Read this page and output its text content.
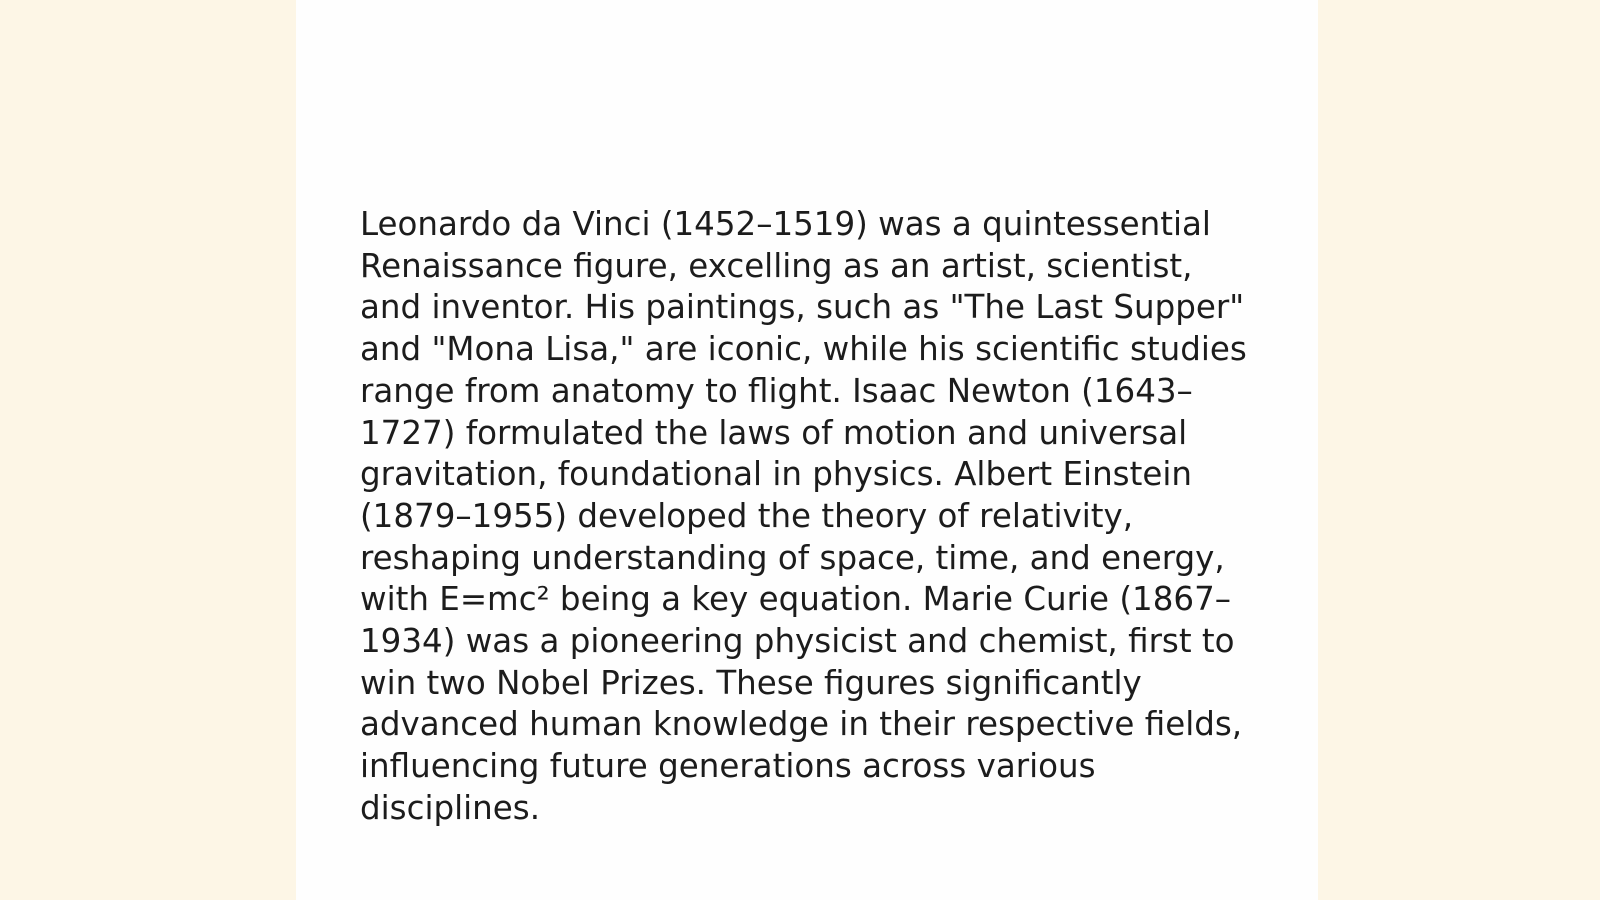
Leonardo da Vinci (1452–1519) was a quintessential
Renaissance figure, excelling as an artist, scientist,
and inventor. His paintings, such as "The Last Supper"
and "Mona Lisa," are iconic, while his scientific studies
range from anatomy to flight. Isaac Newton (1643–
1727) formulated the laws of motion and universal
gravitation, foundational in physics. Albert Einstein
(1879–1955) developed the theory of relativity,
reshaping understanding of space, time, and energy,
with E=mc² being a key equation. Marie Curie (1867–
1934) was a pioneering physicist and chemist, first to
win two Nobel Prizes. These figures significantly
advanced human knowledge in their respective fields,
influencing future generations across various
disciplines.
